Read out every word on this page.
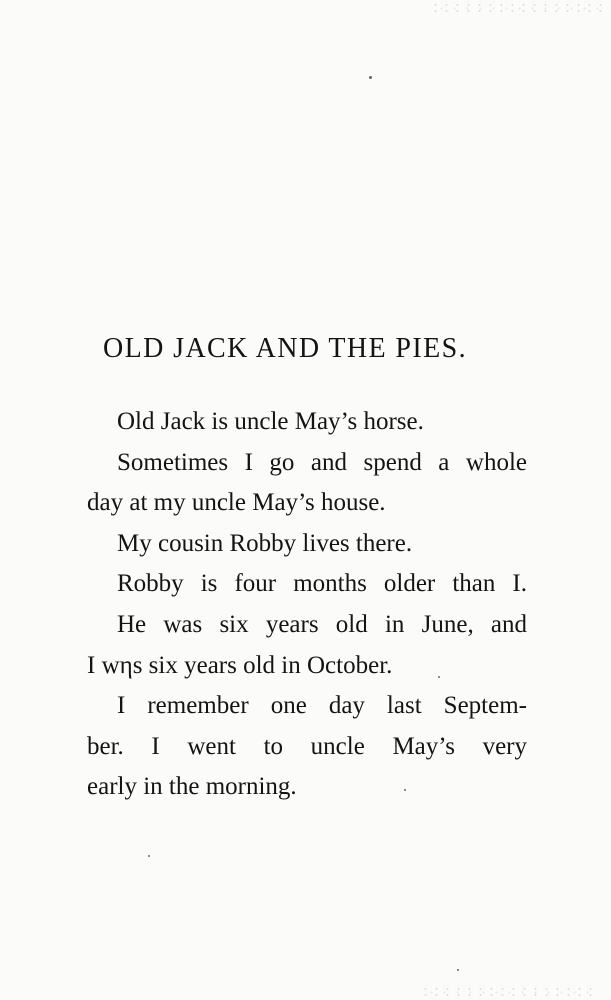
OLD JACK AND THE PIES.
Old Jack is uncle May’s horse.
Sometimes I go and spend a whole
day at my uncle May’s house.
My cousin Robby lives there.
Robby is four months older than I.
He was six years old in June, and
I wηs six years old in October.
I remember one day last Septem-
ber. I went to uncle May’s very
early in the morning.
